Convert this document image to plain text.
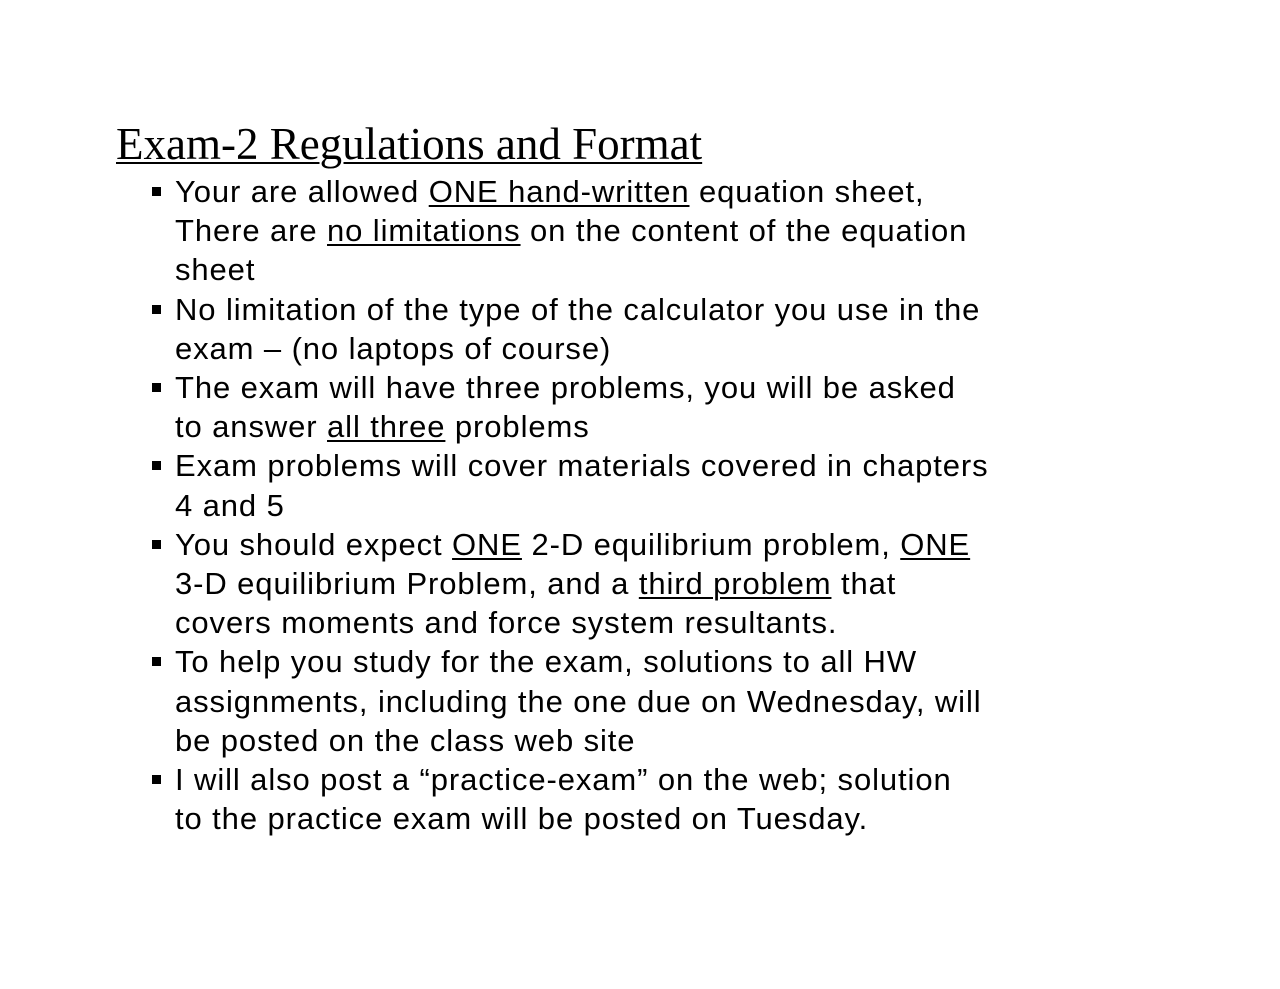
Exam-2 Regulations and Format
Your are allowed ONE hand-written equation sheet,
There are no limitations on the content of the equation
sheet
No limitation of the type of the calculator you use in the
exam – (no laptops of course)
The exam will have three problems, you will be asked
to answer all three problems
Exam problems will cover materials covered in chapters
4 and 5
You should expect ONE 2-D equilibrium problem, ONE
3-D equilibrium Problem, and a third problem that
covers moments and force system resultants.
To help you study for the exam, solutions to all HW
assignments, including the one due on Wednesday, will
be posted on the class web site
I will also post a “practice-exam” on the web; solution
to the practice exam will be posted on Tuesday.
